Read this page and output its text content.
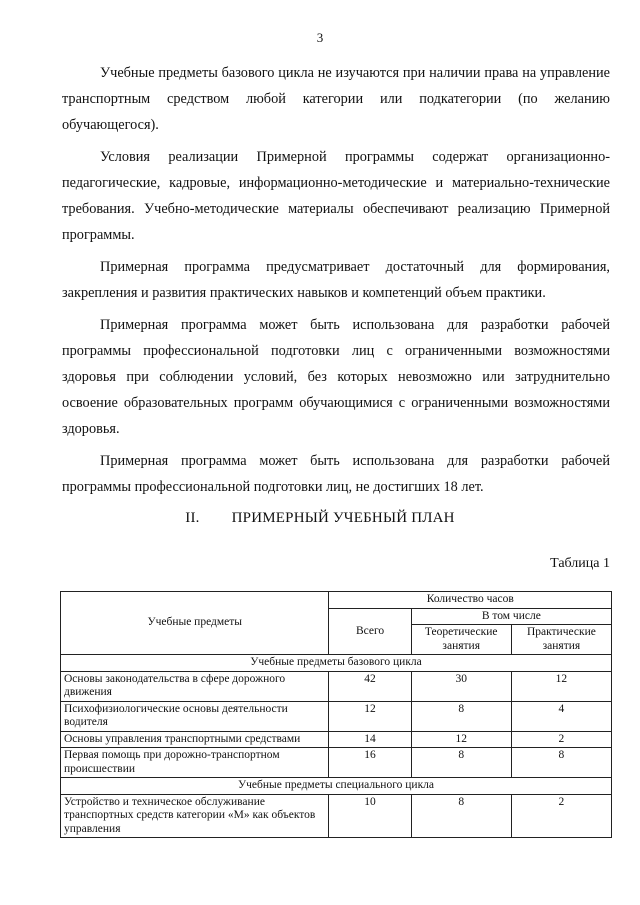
3

Учебные предметы базового цикла не изучаются при наличии права на управление транспортным средством любой категории или подкатегории (по желанию обучающегося).

Условия реализации Примерной программы содержат организационно-педагогические, кадровые, информационно-методические и материально-технические требования. Учебно-методические материалы обеспечивают реализацию Примерной программы.

Примерная программа предусматривает достаточный для формирования, закрепления и развития практических навыков и компетенций объем практики.

Примерная программа может быть использована для разработки рабочей программы профессиональной подготовки лиц с ограниченными возможностями здоровья при соблюдении условий, без которых невозможно или затруднительно освоение образовательных программ обучающимися с ограниченными возможностями здоровья.

Примерная программа может быть использована для разработки рабочей программы профессиональной подготовки лиц, не достигших 18 лет.

II. ПРИМЕРНЫЙ УЧЕБНЫЙ ПЛАН
Таблица 1
Учебные предметы	Количество часов		
	Всего	В том числе	
		Теоретические занятия	Практические занятия
Учебные предметы базового цикла			
Основы законодательства в сфере дорожного движения	42	30	12
Психофизиологические основы деятельности водителя	12	8	4
Основы управления транспортными средствами	14	12	2
Первая помощь при дорожно-транспортном происшествии	16	8	8
Учебные предметы специального цикла			
Устройство и техническое обслуживание транспортных средств категории «М» как объектов управления	10	8	2
